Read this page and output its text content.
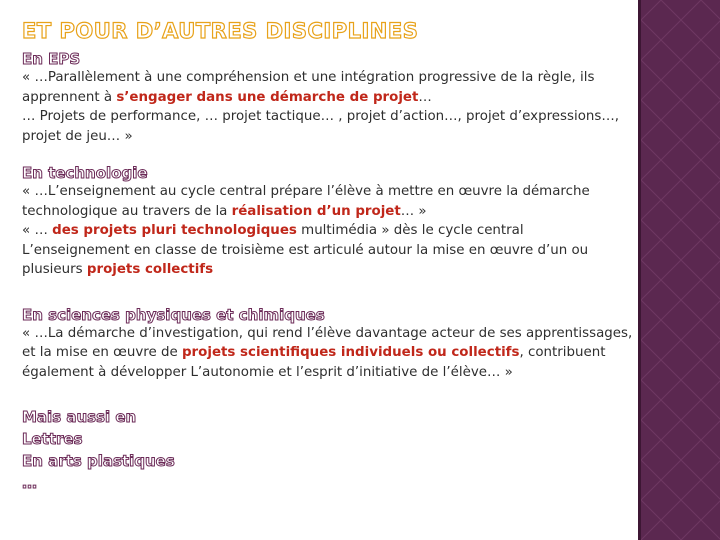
ET POUR D’AUTRES DISCIPLINES
En EPS

« …Parallèlement à une compréhension et une intégration progressive de la règle, ils apprennent à s’engager dans une démarche de projet…

… Projets de performance, … projet tactique… , projet d’action…, projet d’expressions…, projet de jeu… »

En technologie

« …L’enseignement au cycle central prépare l’élève à mettre en œuvre la démarche technologique au travers de la réalisation d’un projet… »

« … des projets pluri technologiques multimédia » dès le cycle central

L’enseignement en classe de troisième est articulé autour la mise en œuvre d’un ou plusieurs projets collectifs

En sciences physiques et chimiques

« …La démarche d’investigation, qui rend l’élève davantage acteur de ses apprentissages, et la mise en œuvre de projets scientifiques individuels ou collectifs, contribuent également à développer L’autonomie et l’esprit d’initiative de l’élève… »

Mais aussi en
Lettres
En arts plastiques
…
